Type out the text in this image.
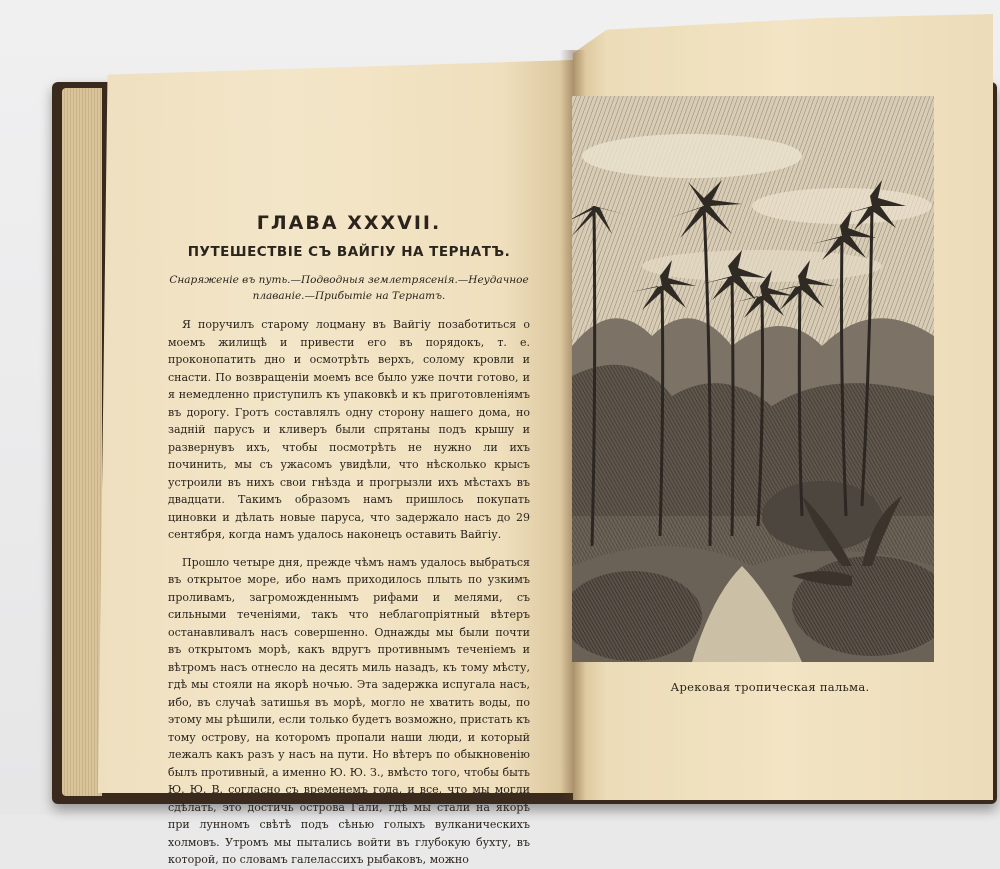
ГЛАВА XXXVII.
ПУТЕШЕСТВІЕ СЪ ВАЙГІУ НА ТЕРНАТЪ.
Снаряженіе въ путь.—Подводныя землетрясенія.—Неудачное плаваніе.—Прибытіе на Тернатъ.

Я поручилъ старому лоцману въ Вайгіу позаботиться о моемъ жилищѣ и привести его въ порядокъ, т. е. проконопатить дно и осмотрѣть верхъ, солому кровли и снасти. По возвращеніи моемъ все было уже почти готово, и я немедленно приступилъ къ упаковкѣ и къ приготовленіямъ въ дорогу. Гротъ составлялъ одну сторону нашего дома, но задній парусъ и кливеръ были спрятаны подъ крышу и развернувъ ихъ, чтобы посмотрѣть не нужно ли ихъ починить, мы съ ужасомъ увидѣли, что нѣсколько крысъ устроили въ нихъ свои гнѣзда и прогрызли ихъ мѣстахъ въ двадцати. Такимъ образомъ намъ пришлось покупать циновки и дѣлать новые паруса, что задержало насъ до 29 сентября, когда намъ удалось наконецъ оставить Вайгіу.

Прошло четыре дня, прежде чѣмъ намъ удалось выбраться въ открытое море, ибо намъ приходилось плыть по узкимъ проливамъ, загроможденнымъ рифами и мелями, съ сильными теченіями, такъ что неблагопріятный вѣтеръ останавливалъ насъ совершенно. Однажды мы были почти въ открытомъ морѣ, какъ вдругъ противнымъ теченіемъ и вѣтромъ насъ отнесло на десять миль назадъ, къ тому мѣсту, гдѣ мы стояли на якорѣ ночью. Эта задержка испугала насъ, ибо, въ случаѣ затишья въ морѣ, могло не хватить воды, по этому мы рѣшили, если только будетъ возможно, пристать къ тому острову, на которомъ пропали наши люди, и который лежалъ какъ разъ у насъ на пути. Но вѣтеръ по обыкновенію былъ противный, а именно Ю. Ю. З., вмѣсто того, чтобы быть Ю. Ю. В. согласно съ временемъ года, и все, что мы могли сдѣлать, это достичь острова Гали, гдѣ мы стали на якорѣ при лунномъ свѣтѣ подъ сѣнью голыхъ вулканическихъ холмовъ. Утромъ мы пытались войти въ глубокую бухту, въ которой, по словамъ галелассихъ рыбаковъ, можно

Арековая тропическая пальма.
